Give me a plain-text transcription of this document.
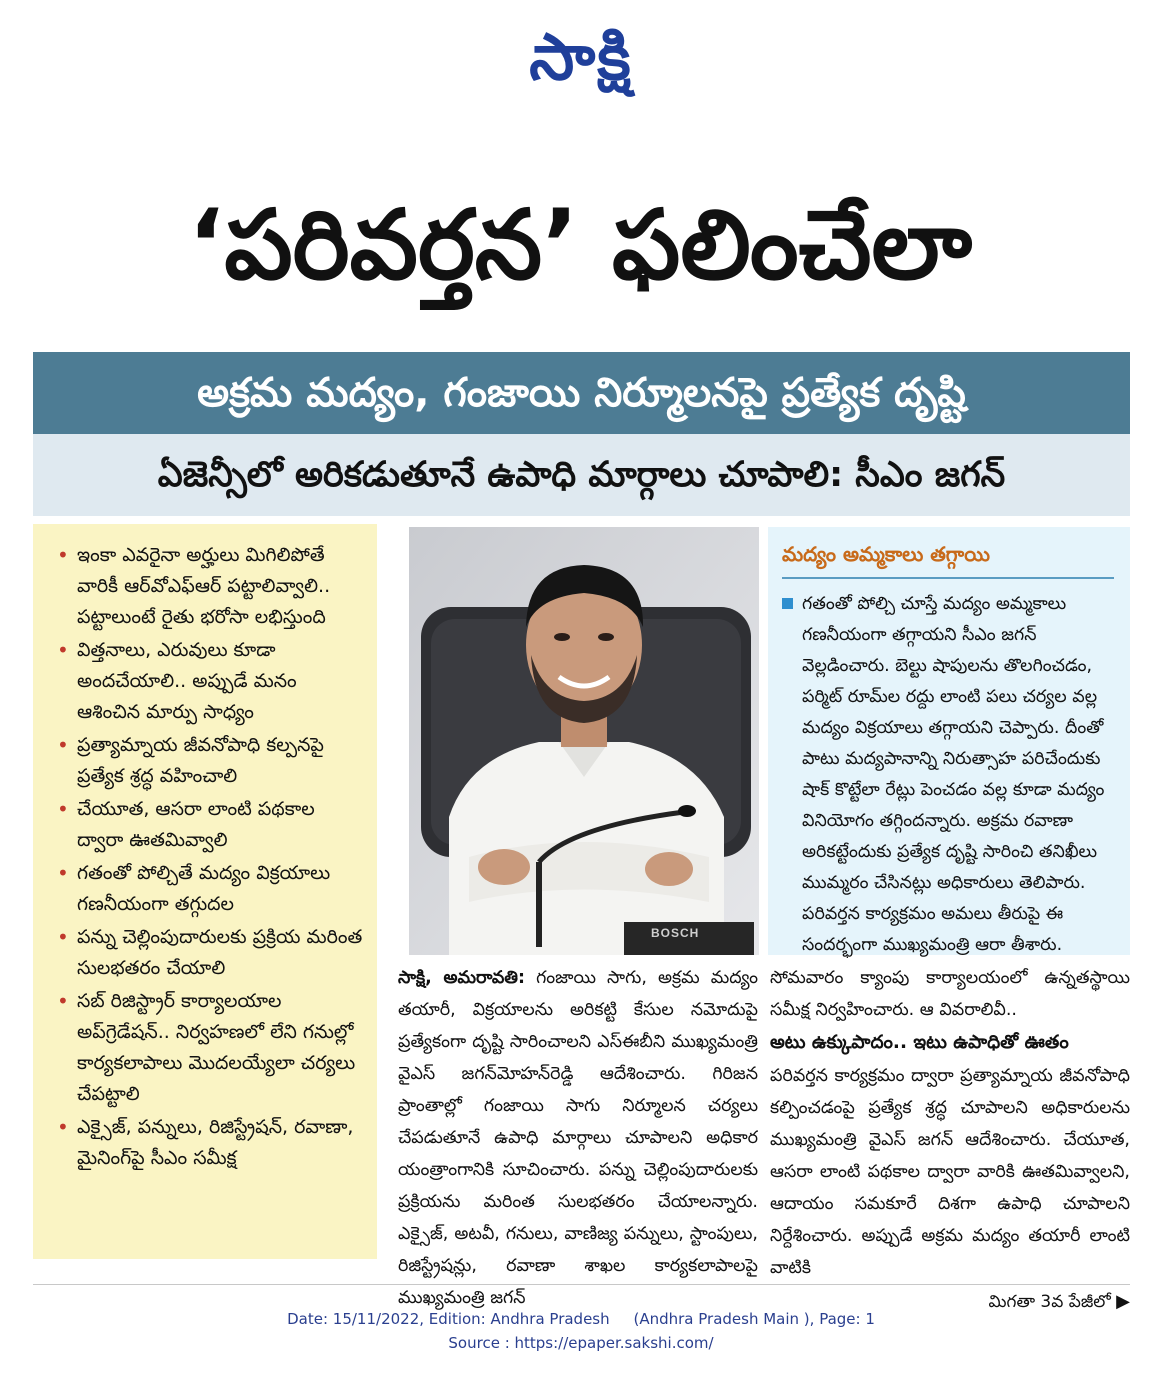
సాక్షి
‘పరివర్తన’ ఫలించేలా
అక్రమ మద్యం, గంజాయి నిర్మూలనపై ప్రత్యేక దృష్టి
ఏజెన్సీలో అరికడుతూనే ఉపాధి మార్గాలు చూపాలి: సీఎం జగన్
• ఇంకా ఎవరైనా అర్హులు మిగిలిపోతే వారికీ ఆర్‌వోఎఫ్‌ఆర్ పట్టాలివ్వాలి.. పట్టాలుంటే రైతు భరోసా లభిస్తుంది
• విత్తనాలు, ఎరువులు కూడా అందచేయాలి.. అప్పుడే మనం ఆశించిన మార్పు సాధ్యం
• ప్రత్యామ్నాయ జీవనోపాధి కల్పనపై ప్రత్యేక శ్రద్ధ వహించాలి
• చేయూత, ఆసరా లాంటి పథకాల ద్వారా ఊతమివ్వాలి
• గతంతో పోల్చితే మద్యం విక్రయాలు గణనీయంగా తగ్గుదల
• పన్ను చెల్లింపుదారులకు ప్రక్రియ మరింత సులభతరం చేయాలి
• సబ్ రిజిస్ట్రార్ కార్యాలయాల అప్‌గ్రెడేషన్.. నిర్వహణలో లేని గనుల్లో కార్యకలాపాలు మొదలయ్యేలా చర్యలు చేపట్టాలి
• ఎక్సైజ్, పన్నులు, రిజిస్ట్రేషన్, రవాణా, మైనింగ్‌పై సీఎం సమీక్ష
BOSCH
మద్యం అమ్మకాలు తగ్గాయి
గతంతో పోల్చి చూస్తే మద్యం అమ్మకాలు గణనీయంగా తగ్గాయని సీఎం జగన్ వెల్లడించారు. బెల్టు షాపులను తొలగించడం, పర్మిట్ రూమ్‌ల రద్దు లాంటి పలు చర్యల వల్ల మద్యం విక్రయాలు తగ్గాయని చెప్పారు. దీంతో పాటు మద్యపానాన్ని నిరుత్సాహ పరిచేందుకు షాక్ కొట్టేలా రేట్లు పెంచడం వల్ల కూడా మద్యం వినియోగం తగ్గిందన్నారు. అక్రమ రవాణా అరికట్టేందుకు ప్రత్యేక దృష్టి సారించి తనిఖీలు ముమ్మరం చేసినట్లు అధికారులు తెలిపారు. పరివర్తన కార్యక్రమం అమలు తీరుపై ఈ సందర్భంగా ముఖ్యమంత్రి ఆరా తీశారు.
సాక్షి, అమరావతి: గంజాయి సాగు, అక్రమ మద్యం తయారీ, విక్రయాలను అరికట్టి కేసుల నమోదుపై ప్రత్యేకంగా దృష్టి సారించాలని ఎస్‌ఈబీని ముఖ్యమంత్రి వైఎస్ జగన్‌మోహన్‌రెడ్డి ఆదేశించారు. గిరిజన ప్రాంతాల్లో గంజాయి సాగు నిర్మూలన చర్యలు చేపడుతూనే ఉపాధి మార్గాలు చూపాలని అధికార యంత్రాంగానికి సూచించారు. పన్ను చెల్లింపుదారులకు ప్రక్రియను మరింత సులభతరం చేయాలన్నారు. ఎక్సైజ్, అటవీ, గనులు, వాణిజ్య పన్నులు, స్టాంపులు, రిజిస్ట్రేషన్లు, రవాణా శాఖల కార్యకలాపాలపై ముఖ్యమంత్రి జగన్
సోమవారం క్యాంపు కార్యాలయంలో ఉన్నతస్థాయి సమీక్ష నిర్వహించారు. ఆ వివరాలివీ..
అటు ఉక్కుపాదం.. ఇటు ఉపాధితో ఊతం
పరివర్తన కార్యక్రమం ద్వారా ప్రత్యామ్నాయ జీవనోపాధి కల్పించడంపై ప్రత్యేక శ్రద్ధ చూపాలని అధికారులను ముఖ్యమంత్రి వైఎస్ జగన్ ఆదేశించారు. చేయూత, ఆసరా లాంటి పథకాల ద్వారా వారికి ఊతమివ్వాలని, ఆదాయం సమకూరే దిశగా ఉపాధి చూపాలని నిర్దేశించారు. అప్పుడే అక్రమ మద్యం తయారీ లాంటి వాటికి
మిగతా 3వ పేజీలో ▶
Date: 15/11/2022, Edition: Andhra Pradesh     (Andhra Pradesh Main ), Page: 1
Source : https://epaper.sakshi.com/
